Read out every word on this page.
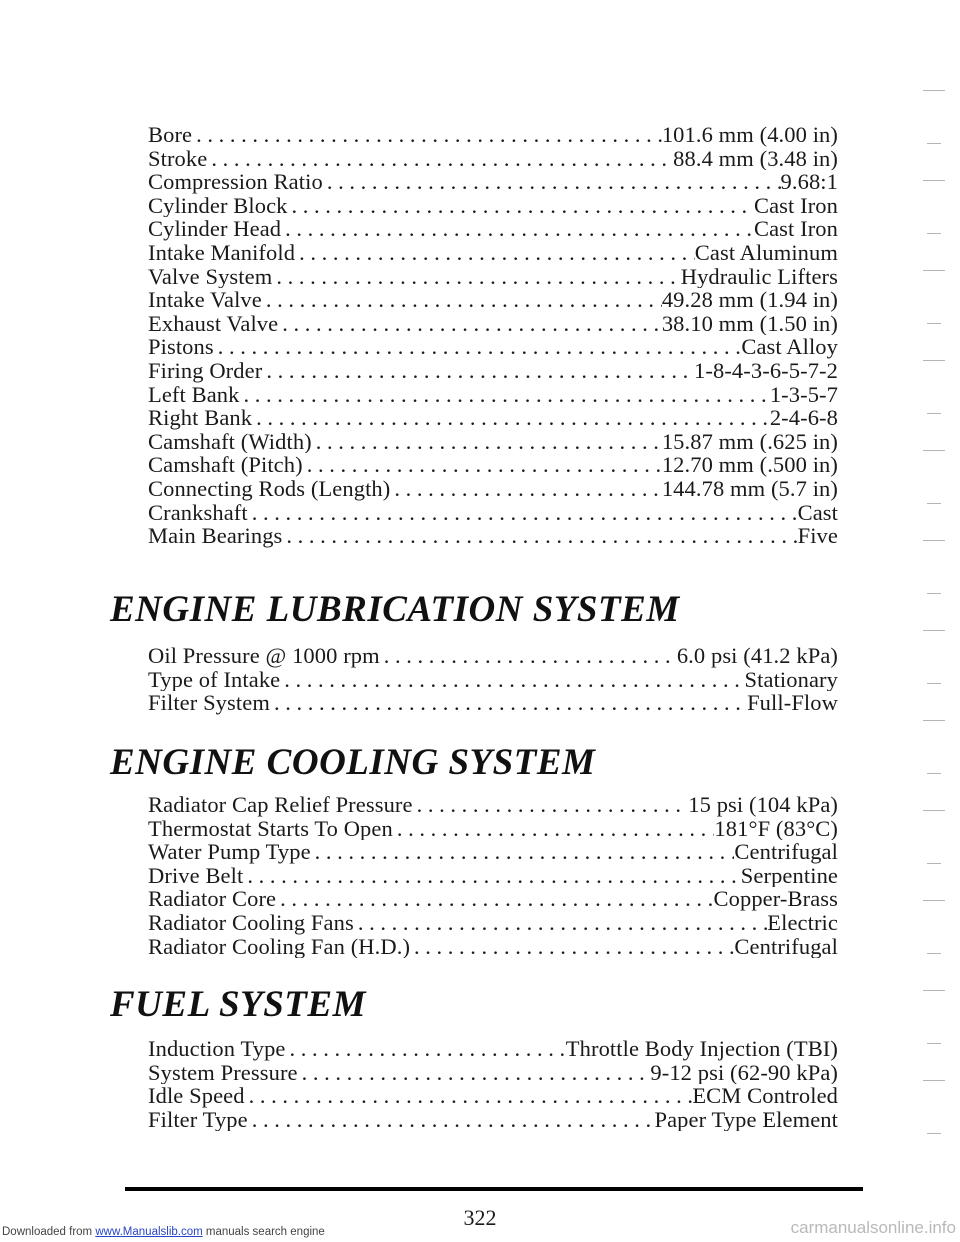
Bore . . .	101.6 mm (4.00 in)
Stroke . . .	88.4 mm (3.48 in)
Compression Ratio . . .	9.68:1
Cylinder Block . . .	Cast Iron
Cylinder Head . . .	Cast Iron
Intake Manifold . . .	Cast Aluminum
Valve System . . .	Hydraulic Lifters
Intake Valve . . .	49.28 mm (1.94 in)
Exhaust Valve . . .	38.10 mm (1.50 in)
Pistons . . .	Cast Alloy
Firing Order . . .	1-8-4-3-6-5-7-2
Left Bank . . .	1-3-5-7
Right Bank . . .	2-4-6-8
Camshaft (Width) . . .	15.87 mm (.625 in)
Camshaft (Pitch) . . .	12.70 mm (.500 in)
Connecting Rods (Length) . . .	144.78 mm (5.7 in)
Crankshaft . . .	Cast
Main Bearings . . .	Five
ENGINE LUBRICATION SYSTEM
Oil Pressure @ 1000 rpm . . .	6.0 psi (41.2 kPa)
Type of Intake . . .	Stationary
Filter System . . .	Full-Flow
ENGINE COOLING SYSTEM
Radiator Cap Relief Pressure . . .	15 psi (104 kPa)
Thermostat Starts To Open . . .	181°F (83°C)
Water Pump Type . . .	Centrifugal
Drive Belt . . .	Serpentine
Radiator Core . . .	Copper-Brass
Radiator Cooling Fans . . .	Electric
Radiator Cooling Fan (H.D.) . . .	Centrifugal
FUEL SYSTEM
Induction Type . . .	Throttle Body Injection (TBI)
System Pressure . . .	9-12 psi (62-90 kPa)
Idle Speed . . .	ECM Controled
Filter Type . . .	Paper Type Element
322
Downloaded from www.Manualslib.com manuals search engine	carmanualsonline.info
